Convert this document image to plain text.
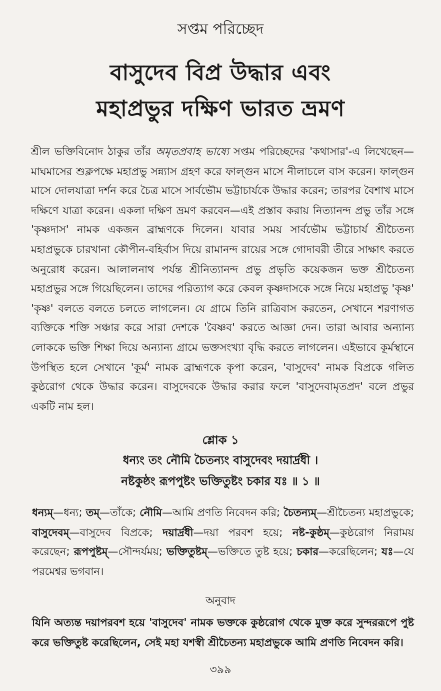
সপ্তম পরিচ্ছেদ
বাসুদেব বিপ্র উদ্ধার এবং
মহাপ্রভুর দক্ষিণ ভারত ভ্রমণ
শ্রীল ভক্তিবিনোদ ঠাকুর তাঁর অমৃতপ্রবাহ ভাষ্যে সপ্তম পরিচ্ছেদের 'কথাসার'-এ লিখেছেন—মাঘমাসের শুক্লপক্ষে মহাপ্রভু সন্ন্যাস গ্রহণ করে ফাল্গুন মাসে নীলাচলে বাস করেন। ফাল্গুন মাসে দোলযাত্রা দর্শন করে চৈত্র মাসে সার্বভৌম ভট্টাচার্যকে উদ্ধার করেন; তারপর বৈশাখ মাসে দক্ষিণে যাত্রা করেন। একলা দক্ষিণ ভ্রমণ করবেন—এই প্রস্তাব করায় নিত্যানন্দ প্রভু তাঁর সঙ্গে 'কৃষ্ণদাস' নামক একজন ব্রাহ্মণকে দিলেন। যাবার সময় সার্বভৌম ভট্টাচার্য শ্রীচৈতন্য মহাপ্রভুকে চারখানা কৌপীন-বহির্বাস দিয়ে রামানন্দ রায়ের সঙ্গে গোদাবরী তীরে সাক্ষাৎ করতে অনুরোধ করেন। আলালনাথ পর্যন্ত শ্রীনিত্যানন্দ প্রভু প্রভৃতি কয়েকজন ভক্ত শ্রীচৈতন্য মহাপ্রভুর সঙ্গে গিয়েছিলেন। তাদের পরিত্যাগ করে কেবল কৃষ্ণদাসকে সঙ্গে নিয়ে মহাপ্রভু 'কৃষ্ণ' 'কৃষ্ণ' বলতে বলতে চলতে লাগলেন। যে গ্রামে তিনি রাত্রিবাস করতেন, সেখানে শরণাগত ব্যক্তিকে শক্তি সঞ্চার করে সারা দেশকে 'বৈষ্ণব' করতে আজ্ঞা দেন। তারা আবার অন্যান্য লোককে ভক্তি শিক্ষা দিয়ে অন্যান্য গ্রামে ভক্তসংখ্যা বৃদ্ধি করতে লাগলেন। এইভাবে কূর্মস্থানে উপস্থিত হলে সেখানে 'কূর্ম' নামক ব্রাহ্মণকে কৃপা করেন, 'বাসুদেব' নামক বিপ্রকে গলিত কুষ্ঠরোগ থেকে উদ্ধার করেন। বাসুদেবকে উদ্ধার করার ফলে 'বাসুদেবামৃতপ্রদ' বলে প্রভুর একটি নাম হল।
শ্লোক ১
ধন্যং তং নৌমি চৈতন্যং বাসুদেবং দয়ার্দ্রধী ।
নষ্টকুষ্ঠং রূপপুষ্টং ভক্তিতুষ্টং চকার যঃ ॥ ১ ॥
ধন্যম্—ধন্য; তম্—তাঁকে; নৌমি—আমি প্রণতি নিবেদন করি; চৈতন্যম্—শ্রীচৈতন্য মহাপ্রভুকে; বাসুদেবম্—বাসুদেব বিপ্রকে; দয়ার্দ্রধী—দয়া পরবশ হয়ে; নষ্ট-কুষ্ঠম্—কুষ্ঠরোগ নিরাময় করেছেন; রূপপুষ্টম্—সৌন্দর্যময়; ভক্তিতুষ্টম্—ভক্তিতে তুষ্ট হয়ে; চকার—করেছিলেন; যঃ—যে পরমেশ্বর ভগবান।
অনুবাদ
যিনি অত্যন্ত দয়াপরবশ হয়ে 'বাসুদেব' নামক ভক্তকে কুষ্ঠরোগ থেকে মুক্ত করে সুন্দররূপে পুষ্ট করে ভক্তিতুষ্ট করেছিলেন, সেই মহা যশস্বী শ্রীচৈতন্য মহাপ্রভুকে আমি প্রণতি নিবেদন করি।
৩৯৯
